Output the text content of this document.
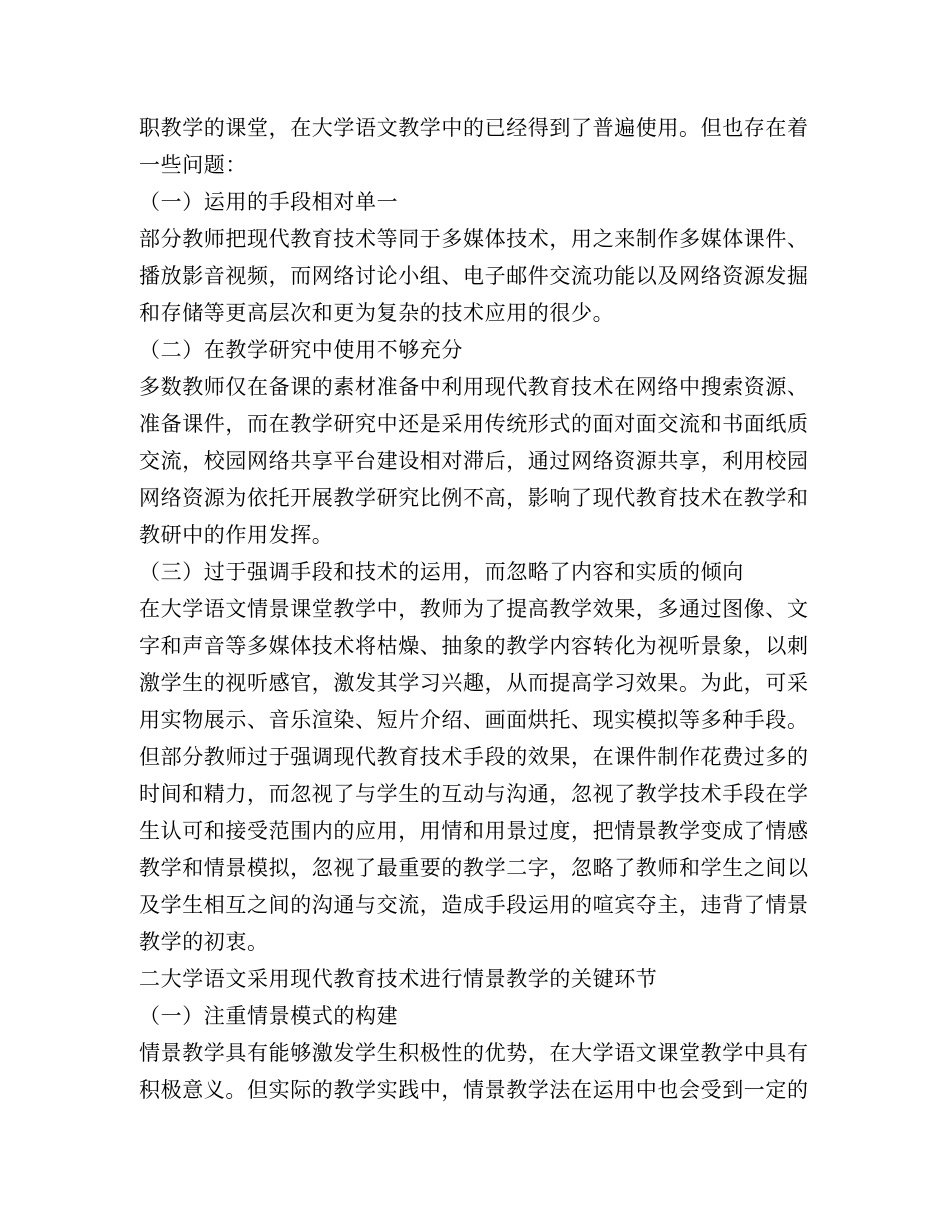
职教学的课堂，在大学语文教学中的已经得到了普遍使用。但也存在着
一些问题：
（一）运用的手段相对单一
部分教师把现代教育技术等同于多媒体技术，用之来制作多媒体课件、
播放影音视频，而网络讨论小组、电子邮件交流功能以及网络资源发掘
和存储等更高层次和更为复杂的技术应用的很少。
（二）在教学研究中使用不够充分
多数教师仅在备课的素材准备中利用现代教育技术在网络中搜索资源、
准备课件，而在教学研究中还是采用传统形式的面对面交流和书面纸质
交流，校园网络共享平台建设相对滞后，通过网络资源共享，利用校园
网络资源为依托开展教学研究比例不高，影响了现代教育技术在教学和
教研中的作用发挥。
（三）过于强调手段和技术的运用，而忽略了内容和实质的倾向
在大学语文情景课堂教学中，教师为了提高教学效果，多通过图像、文
字和声音等多媒体技术将枯燥、抽象的教学内容转化为视听景象，以刺
激学生的视听感官，激发其学习兴趣，从而提高学习效果。为此，可采
用实物展示、音乐渲染、短片介绍、画面烘托、现实模拟等多种手段。
但部分教师过于强调现代教育技术手段的效果，在课件制作花费过多的
时间和精力，而忽视了与学生的互动与沟通，忽视了教学技术手段在学
生认可和接受范围内的应用，用情和用景过度，把情景教学变成了情感
教学和情景模拟，忽视了最重要的教学二字，忽略了教师和学生之间以
及学生相互之间的沟通与交流，造成手段运用的喧宾夺主，违背了情景
教学的初衷。
二大学语文采用现代教育技术进行情景教学的关键环节
（一）注重情景模式的构建
情景教学具有能够激发学生积极性的优势，在大学语文课堂教学中具有
积极意义。但实际的教学实践中，情景教学法在运用中也会受到一定的
